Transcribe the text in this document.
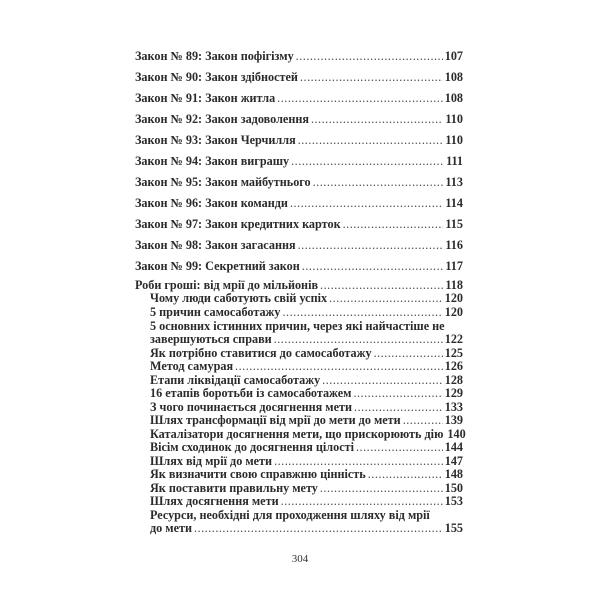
Закон № 89: Закон пофігізму .....	107
Закон № 90: Закон здібностей .....	108
Закон № 91: Закон житла .....	108
Закон № 92: Закон задоволення .....	110
Закон № 93: Закон Черчилля .....	110
Закон № 94: Закон виграшу .....	111
Закон № 95: Закон майбутнього .....	113
Закон № 96: Закон команди .....	114
Закон № 97: Закон кредитних карток .....	115
Закон № 98: Закон загасання .....	116
Закон № 99: Секретний закон .....	117
Роби гроші: від мрії до мільйонів .....	118
Чому люди саботують свій успіх .....	120
5 причин самосаботажу .....	120
5 основних істинних причин, через які найчастіше не
завершуються справи .....	122
Як потрібно ставитися до самосаботажу .....	125
Метод самурая .....	126
Етапи ліквідації самосаботажу .....	128
16 етапів боротьби із самосаботажем .....	129
З чого починається досягнення мети .....	133
Шлях трансформації від мрії до мети до мети .....	139
Каталізатори досягнення мети, що прискорюють дію 140
Вісім сходинок до досягнення цілості .....	144
Шлях від мрії до мети .....	147
Як визначити свою справжню цінність .....	148
Як поставити правильну мету .....	150
Шлях досягнення мети .....	153
Ресурси, необхідні для проходження шляху від мрії
до мети .....	155
304
